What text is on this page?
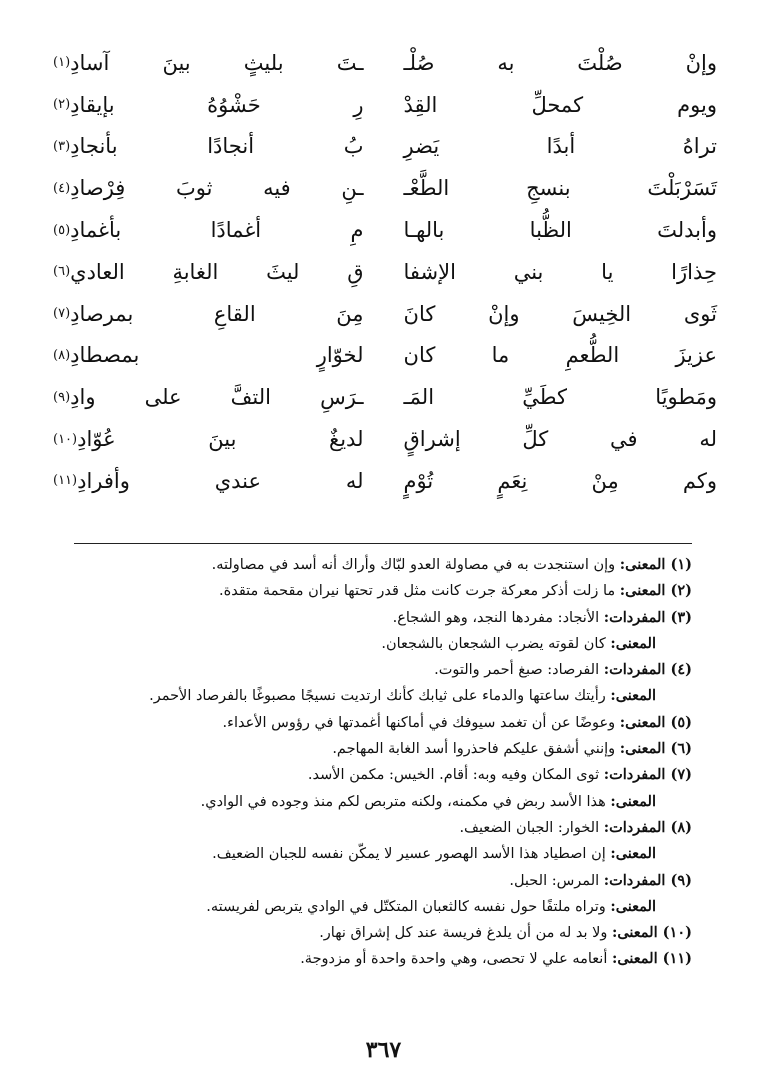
وإنْ صُلْتَ به صُلْـ
ـتَ بليثٍ بينَ آسادِ
(١)
ويوم كمحلِّ القِدْ
رِ حَشْوُهُ بإيقادِ
(٢)
تراهُ أبدًا يَضرِ
بُ أنجادًا بأنجادِ
(٣)
تَسَرْبَلْتَ بنسجِ الطَّعْـ
ـنِ فيه ثوبَ فِرْصادِ
(٤)
وأبدلتَ الظُّبا بالهـا
مِ أغمادًا بأغمادِ
(٥)
حِذارًا يا بني الإشفا
قِ ليثَ الغابةِ العادي
(٦)
ثَوى الخِيسَ وإنْ كانَ
مِنَ القاعِ بمرصادِ
(٧)
عزيزَ الطُّعمِ ما كان
لخوّارٍ بمصطادِ
(٨)
ومَطويًا كطَيِّ المَـ
ـرَسِ التفَّ على وادِ
(٩)
له في كلِّ إشراقٍ
لديغٌ بينَ عُوّادِ
(١٠)
وكم مِنْ نِعَمٍ تُوْمٍ
له عندي وأفرادِ
(١١)
(١) المعنى: وإن استنجدت به في مصاولة العدو لبّاك وأراك أنه أسد في مصاولته.
(٢) المعنى: ما زلت أذكر معركة جرت كانت مثل قدر تحتها نيران مقحمة متقدة.
(٣) المفردات: الأنجاد: مفردها النجد، وهو الشجاع.
المعنى: كان لقوته يضرب الشجعان بالشجعان.
(٤) المفردات: الفرصاد: صبغ أحمر والتوت.
المعنى: رأيتك ساعتها والدماء على ثيابك كأنك ارتديت نسيجًا مصبوغًا بالفرصاد الأحمر.
(٥) المعنى: وعوضًا عن أن تغمد سيوفك في أماكنها أغمدتها في رؤوس الأعداء.
(٦) المعنى: وإنني أشفق عليكم فاحذروا أسد الغابة المهاجم.
(٧) المفردات: ثوى المكان وفيه وبه: أقام. الخيس: مكمن الأسد.
المعنى: هذا الأسد ربض في مكمنه، ولكنه متربص لكم منذ وجوده في الوادي.
(٨) المفردات: الخوار: الجبان الضعيف.
المعنى: إن اصطياد هذا الأسد الهصور عسير لا يمكّن نفسه للجبان الضعيف.
(٩) المفردات: المرس: الحبل.
المعنى: وتراه ملتفًا حول نفسه كالثعبان المتكتّل في الوادي يتربص لفريسته.
(١٠) المعنى: ولا بد له من أن يلدغ فريسة عند كل إشراق نهار.
(١١) المعنى: أنعامه علي لا تحصى، وهي واحدة واحدة أو مزدوجة.
٣٦٧
